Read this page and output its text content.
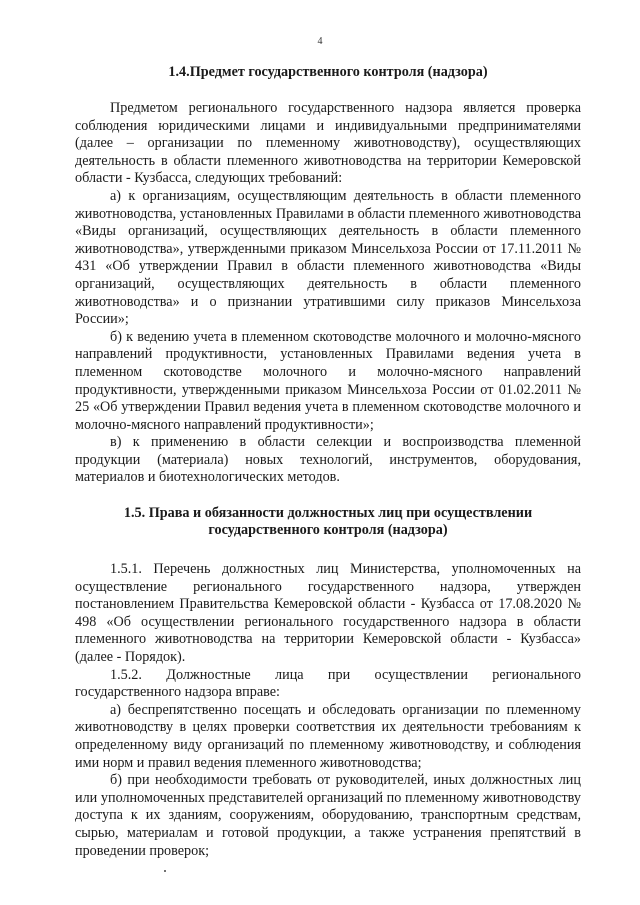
4
1.4.Предмет государственного контроля (надзора)

Предметом регионального государственного надзора является проверка соблюдения юридическими лицами и индивидуальными предпринимателями (далее – организации по племенному животноводству), осуществляющих деятельность в области племенного животноводства на территории Кемеровской области - Кузбасса, следующих требований:

а) к организациям, осуществляющим деятельность в области племенного животноводства, установленных Правилами в области племенного животноводства «Виды организаций, осуществляющих деятельность в области племенного животноводства», утвержденными приказом Минсельхоза России от 17.11.2011 № 431 «Об утверждении Правил в области племенного животноводства «Виды организаций, осуществляющих деятельность в области племенного животноводства» и о признании утратившими силу приказов Минсельхоза России»;

б) к ведению учета в племенном скотоводстве молочного и молочно-мясного направлений продуктивности, установленных Правилами ведения учета в племенном скотоводстве молочного и молочно-мясного направлений продуктивности, утвержденными приказом Минсельхоза России от 01.02.2011 № 25 «Об утверждении Правил ведения учета в племенном скотоводстве молочного и молочно-мясного направлений продуктивности»;

в) к применению в области селекции и воспроизводства племенной продукции (материала) новых технологий, инструментов, оборудования, материалов и биотехнологических методов.

1.5. Права и обязанности должностных лиц при осуществлении
государственного контроля (надзора)

1.5.1. Перечень должностных лиц Министерства, уполномоченных на осуществление регионального государственного надзора, утвержден постановлением Правительства Кемеровской области - Кузбасса от 17.08.2020 № 498 «Об осуществлении регионального государственного надзора в области племенного животноводства на территории Кемеровской области - Кузбасса» (далее - Порядок).

1.5.2. Должностные лица при осуществлении регионального государственного надзора вправе:

а) беспрепятственно посещать и обследовать организации по племенному животноводству в целях проверки соответствия их деятельности требованиям к определенному виду организаций по племенному животноводству, и соблюдения ими норм и правил ведения племенного животноводства;

б) при необходимости требовать от руководителей, иных должностных лиц или уполномоченных представителей организаций по племенному животноводству доступа к их зданиям, сооружениям, оборудованию, транспортным средствам, сырью, материалам и готовой продукции, а также устранения препятствий в проведении проверок;
